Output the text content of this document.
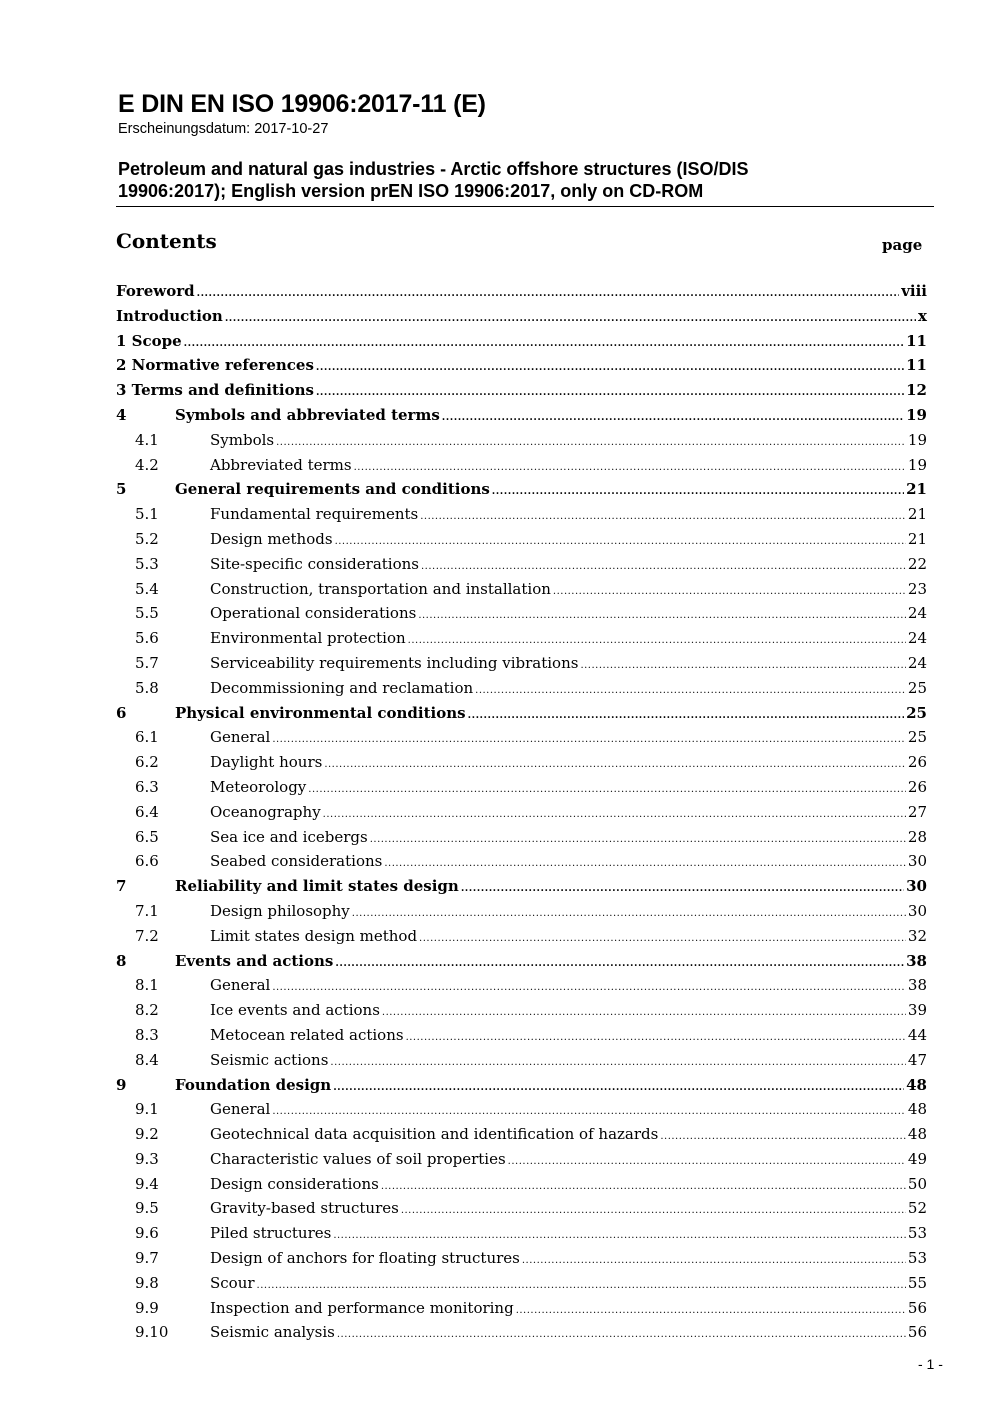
E DIN EN ISO 19906:2017-11 (E)
Erscheinungsdatum: 2017-10-27
Petroleum and natural gas industries - Arctic offshore structures (ISO/DIS
19906:2017); English version prEN ISO 19906:2017, only on CD-ROM
Contents	page
Foreword .....	viii
Introduction .....	x
1 Scope .....	11
2 Normative references .....	11
3 Terms and definitions .....	12
4	Symbols and abbreviated terms .....	19
4.1	Symbols .....	19
4.2	Abbreviated terms .....	19
5	General requirements and conditions .....	21
5.1	Fundamental requirements .....	21
5.2	Design methods .....	21
5.3	Site-specific considerations .....	22
5.4	Construction, transportation and installation .....	23
5.5	Operational considerations .....	24
5.6	Environmental protection .....	24
5.7	Serviceability requirements including vibrations .....	24
5.8	Decommissioning and reclamation .....	25
6	Physical environmental conditions .....	25
6.1	General .....	25
6.2	Daylight hours .....	26
6.3	Meteorology .....	26
6.4	Oceanography .....	27
6.5	Sea ice and icebergs .....	28
6.6	Seabed considerations .....	30
7	Reliability and limit states design .....	30
7.1	Design philosophy .....	30
7.2	Limit states design method .....	32
8	Events and actions .....	38
8.1	General .....	38
8.2	Ice events and actions .....	39
8.3	Metocean related actions .....	44
8.4	Seismic actions .....	47
9	Foundation design .....	48
9.1	General .....	48
9.2	Geotechnical data acquisition and identification of hazards .....	48
9.3	Characteristic values of soil properties .....	49
9.4	Design considerations .....	50
9.5	Gravity-based structures .....	52
9.6	Piled structures .....	53
9.7	Design of anchors for floating structures .....	53
9.8	Scour .....	55
9.9	Inspection and performance monitoring .....	56
9.10	Seismic analysis .....	56
- 1 -
